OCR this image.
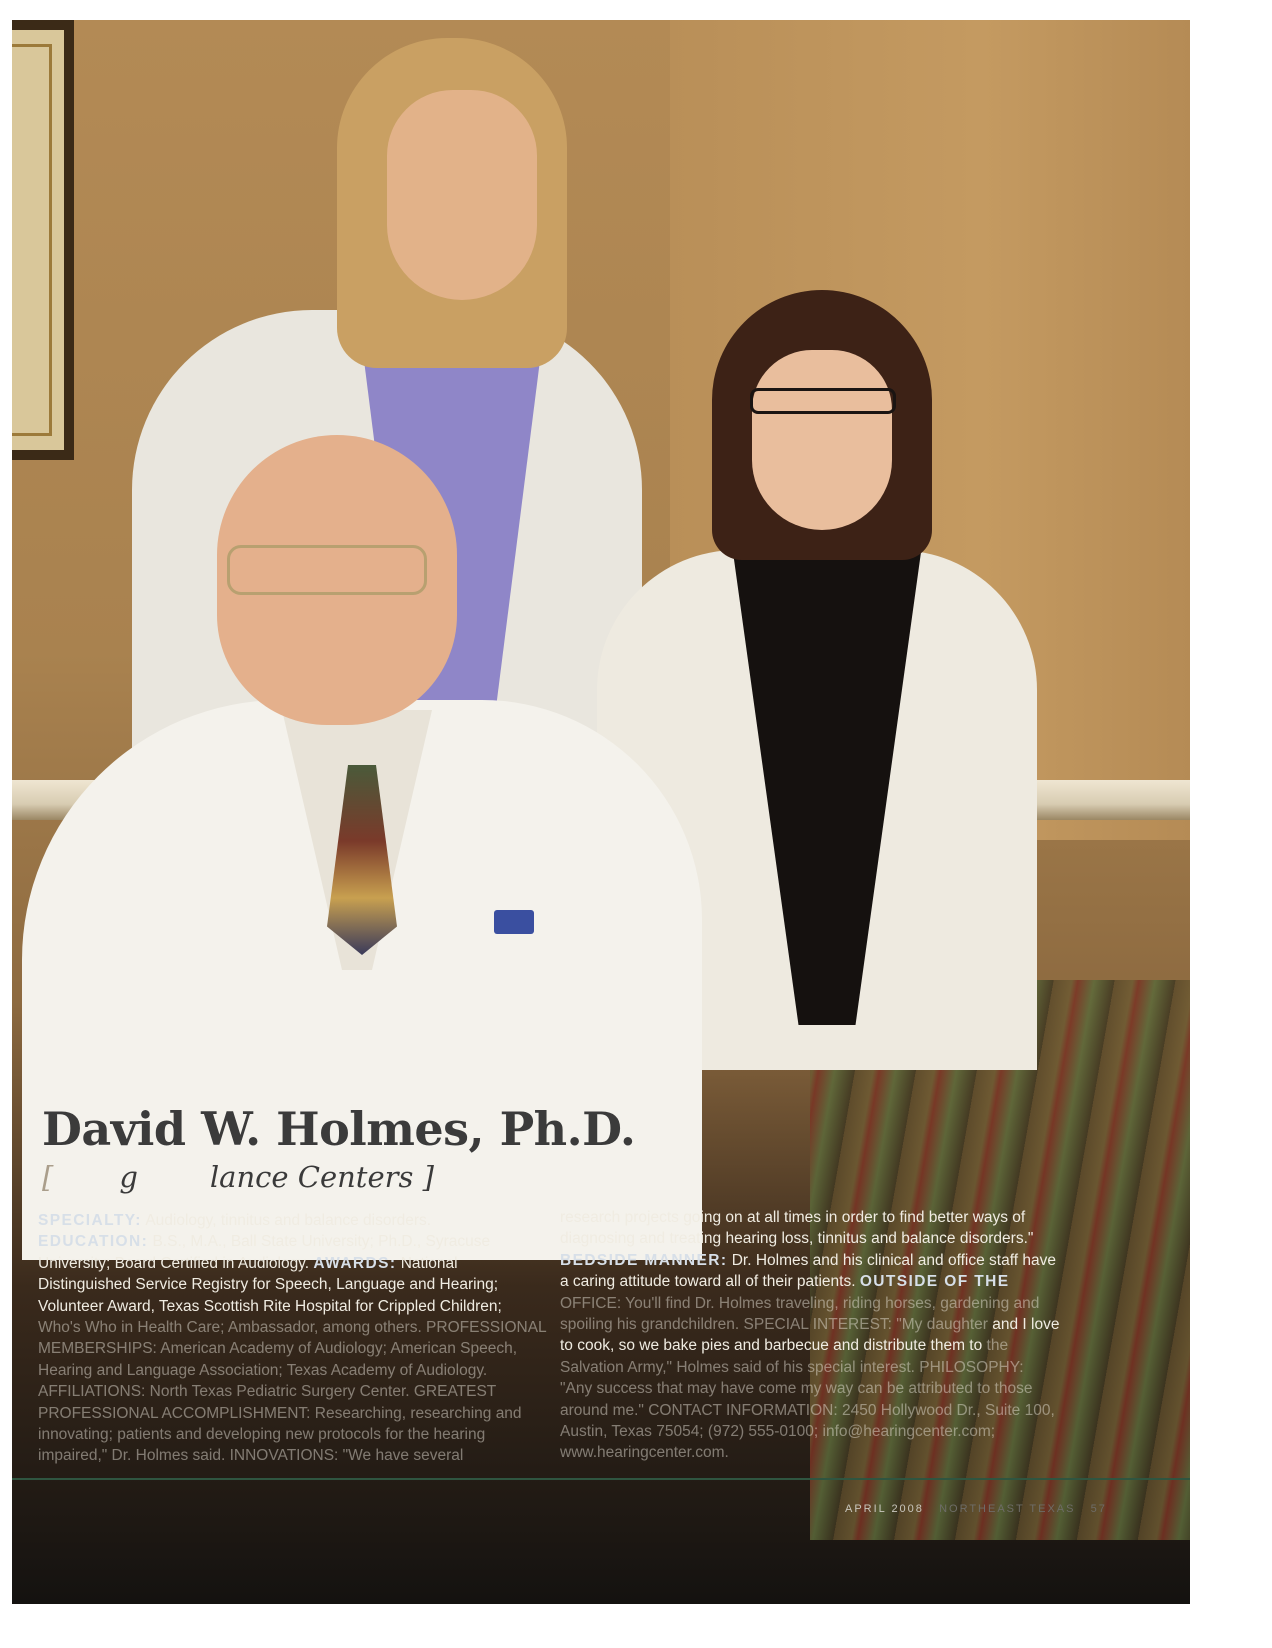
David W. Holmes, Ph.D.
[ g lance Centers ]

SPECIALTY: Audiology, tinnitus and balance disorders.
EDUCATION: B.S., M.A., Ball State University; Ph.D., Syracuse University; Board Certified in Audiology. AWARDS: National Distinguished Service Registry for Speech, Language and Hearing; Volunteer Award, Texas Scottish Rite Hospital for Crippled Children; Who's Who in Health Care; Ambassador, among others. PROFESSIONAL MEMBERSHIPS: American Academy of Audiology; American Speech, Hearing and Language Association; Texas Academy of Audiology. AFFILIATIONS: North Texas Pediatric Surgery Center. GREATEST PROFESSIONAL ACCOMPLISHMENT: Researching, researching and innovating; patients and developing new protocols for the hearing impaired," Dr. Holmes said. INNOVATIONS: "We have several

research projects going on at all times in order to find better ways of diagnosing and treating hearing loss, tinnitus and balance disorders."
BEDSIDE MANNER: Dr. Holmes and his clinical and office staff have a caring attitude toward all of their patients. OUTSIDE OF THE OFFICE: You'll find Dr. Holmes traveling, riding horses, gardening and spoiling his grandchildren. SPECIAL INTEREST: "My daughter and I love to cook, so we bake pies and barbecue and distribute them to the Salvation Army," Holmes said of his special interest. PHILOSOPHY: "Any success that may have come my way can be attributed to those around me." CONTACT INFORMATION: 2450 Hollywood Dr., Suite 100, Austin, Texas 75054; (972) 555-0100; info@hearingcenter.com; www.hearingcenter.com.

APRIL 2008 NORTHEAST TEXAS 57
